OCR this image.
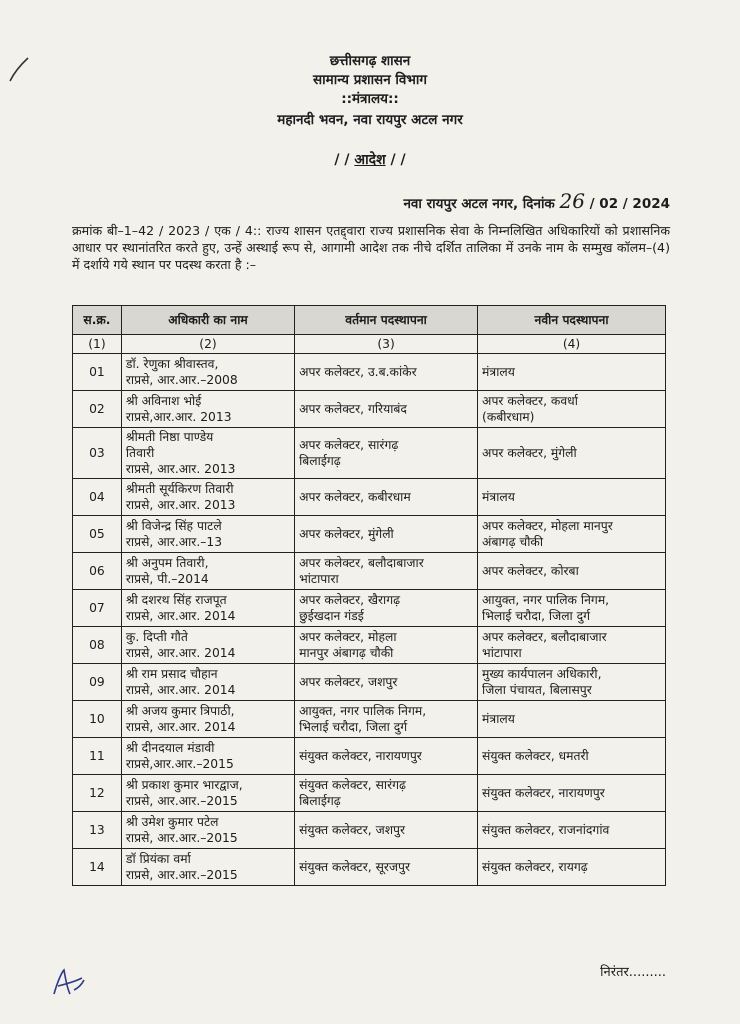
छत्तीसगढ़ शासन
सामान्य प्रशासन विभाग
::मंत्रालय::
महानदी भवन, नवा रायपुर अटल नगर
/ / आदेश / /
नवा रायपुर अटल नगर, दिनांक 26 / 02 / 2024
क्रमांक बी–1–42 / 2023 / एक / 4:: राज्य शासन एतद्द्वारा राज्य प्रशासनिक सेवा के निम्नलिखित अधिकारियों को प्रशासनिक आधार पर स्थानांतरित करते हुए, उन्हें अस्थाई रूप से, आगामी आदेश तक नीचे दर्शित तालिका में उनके नाम के सम्मुख कॉलम–(4) में दर्शाये गये स्थान पर पदस्थ करता है :–
स.क्र.	अधिकारी का नाम	वर्तमान पदस्थापना	नवीन पदस्थापना
(1)	(2)	(3)	(4)
01	डॉ. रेणुका श्रीवास्तव,
राप्रसे, आर.आर.–2008	अपर कलेक्टर, उ.ब.कांकेर	मंत्रालय

02	श्री अविनाश भोई
राप्रसे,आर.आर. 2013	अपर कलेक्टर, गरियाबंद	अपर कलेक्टर, कवर्धा
(कबीरधाम)

03	श्रीमती निष्ठा पाण्डेय
तिवारी
राप्रसे, आर.आर. 2013	अपर कलेक्टर, सारंगढ़
बिलाईगढ़	अपर कलेक्टर, मुंगेली

04	श्रीमती सूर्यकिरण तिवारी
राप्रसे, आर.आर. 2013	अपर कलेक्टर, कबीरधाम	मंत्रालय

05	श्री विजेन्द्र सिंह पाटले
राप्रसे, आर.आर.–13	अपर कलेक्टर, मुंगेली	अपर कलेक्टर, मोहला मानपुर
अंबागढ़ चौकी

06	श्री अनुपम तिवारी,
राप्रसे, पी.–2014	अपर कलेक्टर, बलौदाबाजार
भांटापारा	अपर कलेक्टर, कोरबा

07	श्री दशरथ सिंह राजपूत
राप्रसे, आर.आर. 2014	अपर कलेक्टर, खैरागढ़
छुईखदान गंडई	आयुक्त, नगर पालिक निगम,
भिलाई चरौदा, जिला दुर्ग

08	कु. दिप्ती गौते
राप्रसे, आर.आर. 2014	अपर कलेक्टर, मोहला
मानपुर अंबागढ़ चौकी	अपर कलेक्टर, बलौदाबाजार
भांटापारा

09	श्री राम प्रसाद चौहान
राप्रसे, आर.आर. 2014	अपर कलेक्टर, जशपुर	मुख्य कार्यपालन अधिकारी,
जिला पंचायत, बिलासपुर

10	श्री अजय कुमार त्रिपाठी,
राप्रसे, आर.आर. 2014	आयुक्त, नगर पालिक निगम,
भिलाई चरौदा, जिला दुर्ग	मंत्रालय

11	श्री दीनदयाल मंडावी
राप्रसे,आर.आर.–2015	संयुक्त कलेक्टर, नारायणपुर	संयुक्त कलेक्टर, धमतरी

12	श्री प्रकाश कुमार भारद्वाज,
राप्रसे, आर.आर.–2015	संयुक्त कलेक्टर, सारंगढ़
बिलाईगढ़	संयुक्त कलेक्टर, नारायणपुर

13	श्री उमेश कुमार पटेल
राप्रसे, आर.आर.–2015	संयुक्त कलेक्टर, जशपुर	संयुक्त कलेक्टर, राजनांदगांव

14	डॉ प्रियंका वर्मा
राप्रसे, आर.आर.–2015	संयुक्त कलेक्टर, सूरजपुर	संयुक्त कलेक्टर, रायगढ़
निरंतर.........
